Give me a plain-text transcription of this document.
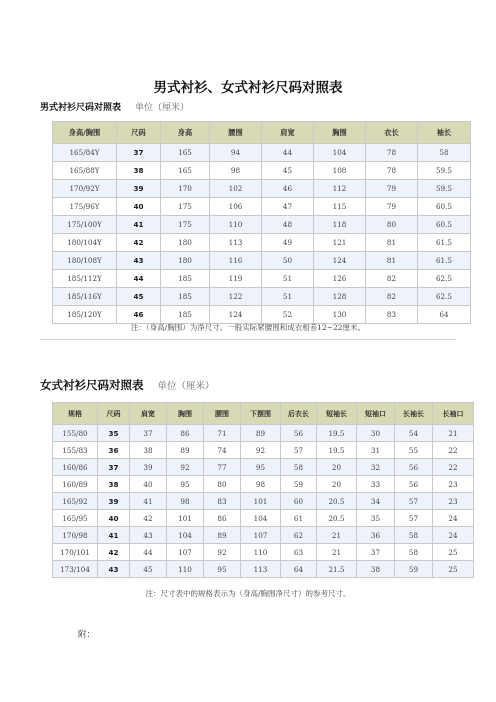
男式衬衫、女式衬衫尺码对照表
男式衬衫尺码对照表 单位（厘米）
身高/胸围	尺码	身高	腰围	肩宽	胸围	衣长	袖长
165/84Y	37	165	94	44	104	78	58
165/88Y	38	165	98	45	108	78	59.5
170/92Y	39	170	102	46	112	79	59.5
175/96Y	40	175	106	47	115	79	60.5
175/100Y	41	175	110	48	118	80	60.5
180/104Y	42	180	113	49	121	81	61.5
180/108Y	43	180	116	50	124	81	61.5
185/112Y	44	185	119	51	126	82	62.5
185/116Y	45	185	122	51	128	82	62.5
185/120Y	46	185	124	52	130	83	64
注：（身高/胸围）为净尺寸。一般实际紧腰围和成衣相差12~22厘米。
女式衬衫尺码对照表 单位（厘米）
规格	尺码	肩宽	胸围	腰围	下摆围	后衣长	短袖长	短袖口	长袖长	长袖口
155/80	35	37	86	71	89	56	19.5	30	54	21
155/83	36	38	89	74	92	57	19.5	31	55	22
160/86	37	39	92	77	95	58	20	32	56	22
160/89	38	40	95	80	98	59	20	33	56	23
165/92	39	41	98	83	101	60	20.5	34	57	23
165/95	40	42	101	86	104	61	20.5	35	57	24
170/98	41	43	104	89	107	62	21	36	58	24
170/101	42	44	107	92	110	63	21	37	58	25
173/104	43	45	110	95	113	64	21.5	38	59	25
注：尺寸表中的规格表示为（身高/胸围净尺寸）的参考尺寸。
附：
